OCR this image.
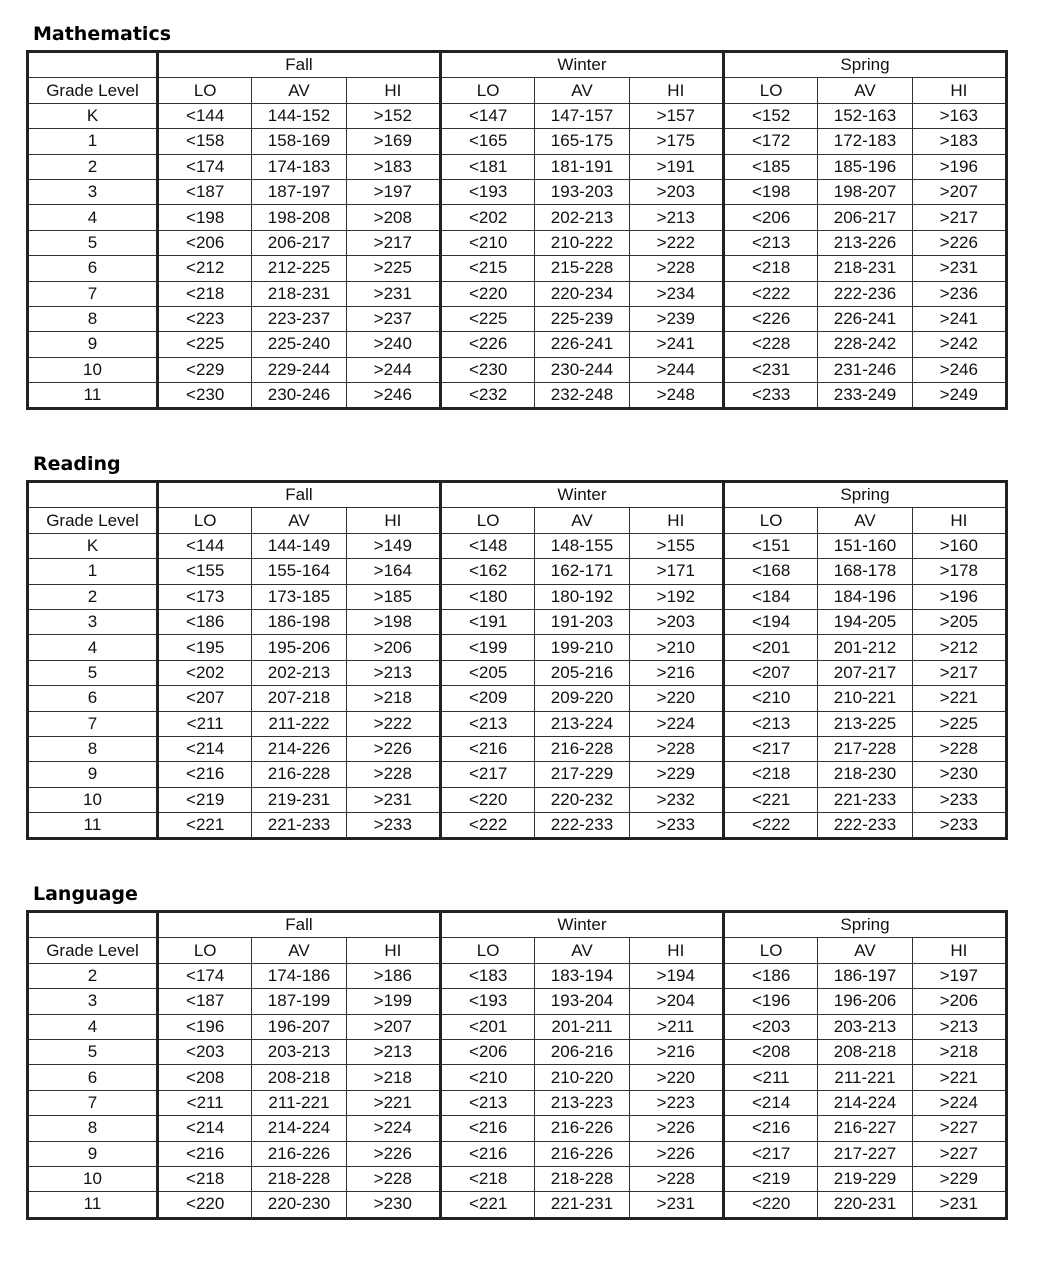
Mathematics
	Fall			Winter			Spring		
Grade Level	LO	AV	HI	LO	AV	HI	LO	AV	HI
K	<144	144-152	>152	<147	147-157	>157	<152	152-163	>163
1	<158	158-169	>169	<165	165-175	>175	<172	172-183	>183
2	<174	174-183	>183	<181	181-191	>191	<185	185-196	>196
3	<187	187-197	>197	<193	193-203	>203	<198	198-207	>207
4	<198	198-208	>208	<202	202-213	>213	<206	206-217	>217
5	<206	206-217	>217	<210	210-222	>222	<213	213-226	>226
6	<212	212-225	>225	<215	215-228	>228	<218	218-231	>231
7	<218	218-231	>231	<220	220-234	>234	<222	222-236	>236
8	<223	223-237	>237	<225	225-239	>239	<226	226-241	>241
9	<225	225-240	>240	<226	226-241	>241	<228	228-242	>242
10	<229	229-244	>244	<230	230-244	>244	<231	231-246	>246
11	<230	230-246	>246	<232	232-248	>248	<233	233-249	>249
Reading
	Fall			Winter			Spring		
Grade Level	LO	AV	HI	LO	AV	HI	LO	AV	HI
K	<144	144-149	>149	<148	148-155	>155	<151	151-160	>160
1	<155	155-164	>164	<162	162-171	>171	<168	168-178	>178
2	<173	173-185	>185	<180	180-192	>192	<184	184-196	>196
3	<186	186-198	>198	<191	191-203	>203	<194	194-205	>205
4	<195	195-206	>206	<199	199-210	>210	<201	201-212	>212
5	<202	202-213	>213	<205	205-216	>216	<207	207-217	>217
6	<207	207-218	>218	<209	209-220	>220	<210	210-221	>221
7	<211	211-222	>222	<213	213-224	>224	<213	213-225	>225
8	<214	214-226	>226	<216	216-228	>228	<217	217-228	>228
9	<216	216-228	>228	<217	217-229	>229	<218	218-230	>230
10	<219	219-231	>231	<220	220-232	>232	<221	221-233	>233
11	<221	221-233	>233	<222	222-233	>233	<222	222-233	>233
Language
	Fall			Winter			Spring		
Grade Level	LO	AV	HI	LO	AV	HI	LO	AV	HI
2	<174	174-186	>186	<183	183-194	>194	<186	186-197	>197
3	<187	187-199	>199	<193	193-204	>204	<196	196-206	>206
4	<196	196-207	>207	<201	201-211	>211	<203	203-213	>213
5	<203	203-213	>213	<206	206-216	>216	<208	208-218	>218
6	<208	208-218	>218	<210	210-220	>220	<211	211-221	>221
7	<211	211-221	>221	<213	213-223	>223	<214	214-224	>224
8	<214	214-224	>224	<216	216-226	>226	<216	216-227	>227
9	<216	216-226	>226	<216	216-226	>226	<217	217-227	>227
10	<218	218-228	>228	<218	218-228	>228	<219	219-229	>229
11	<220	220-230	>230	<221	221-231	>231	<220	220-231	>231
